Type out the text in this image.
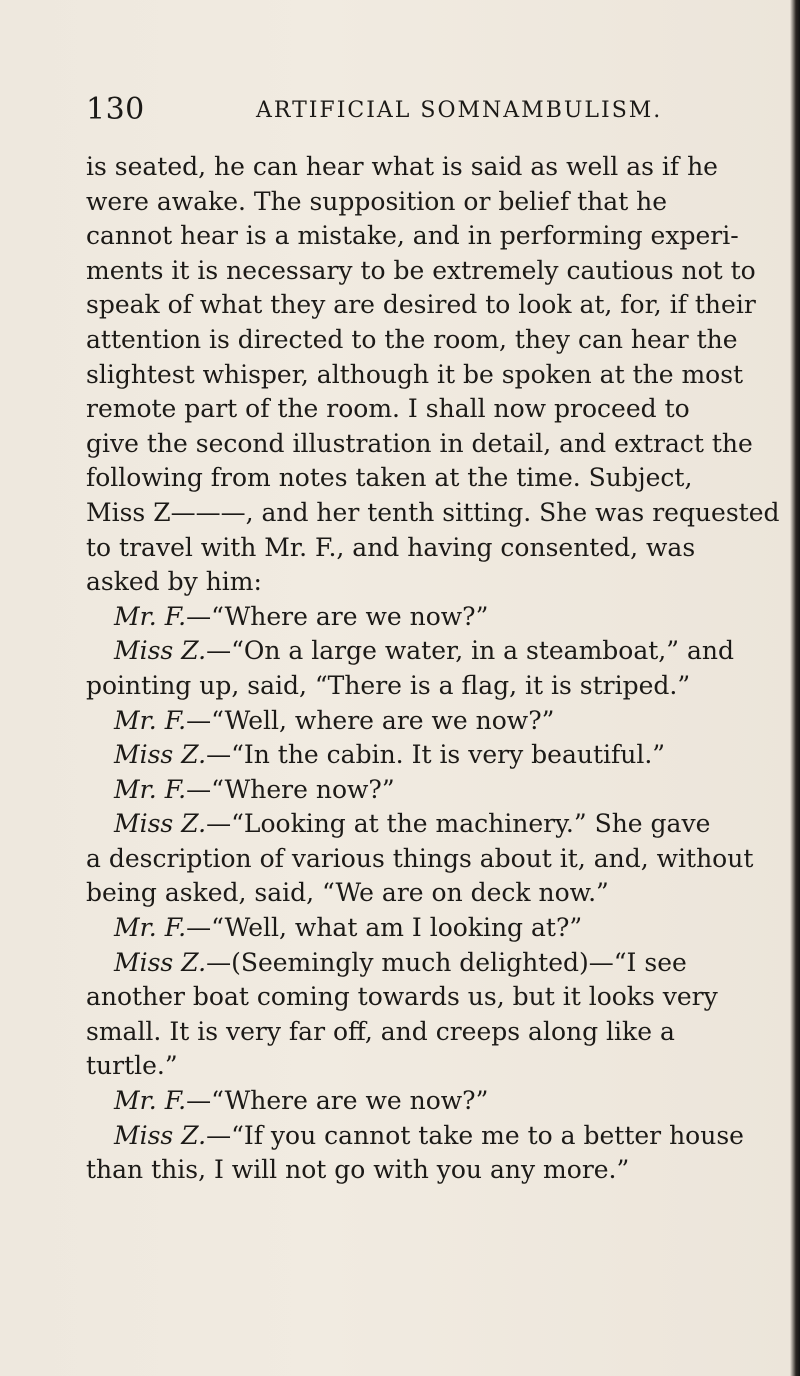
130	ARTIFICIAL SOMNAMBULISM.
is seated, he can hear what is said as well as if he
were awake. The supposition or belief that he
cannot hear is a mistake, and in performing experi-
ments it is necessary to be extremely cautious not to
speak of what they are desired to look at, for, if their
attention is directed to the room, they can hear the
slightest whisper, although it be spoken at the most
remote part of the room. I shall now proceed to
give the second illustration in detail, and extract the
following from notes taken at the time. Subject,
Miss Z———, and her tenth sitting. She was requested
to travel with Mr. F., and having consented, was
asked by him:
Mr. F.—“Where are we now?”
Miss Z.—“On a large water, in a steamboat,” and
pointing up, said, “There is a flag, it is striped.”
Mr. F.—“Well, where are we now?”
Miss Z.—“In the cabin. It is very beautiful.”
Mr. F.—“Where now?”
Miss Z.—“Looking at the machinery.” She gave
a description of various things about it, and, without
being asked, said, “We are on deck now.”
Mr. F.—“Well, what am I looking at?”
Miss Z.—(Seemingly much delighted)—“I see
another boat coming towards us, but it looks very
small. It is very far off, and creeps along like a
turtle.”
Mr. F.—“Where are we now?”
Miss Z.—“If you cannot take me to a better house
than this, I will not go with you any more.”
